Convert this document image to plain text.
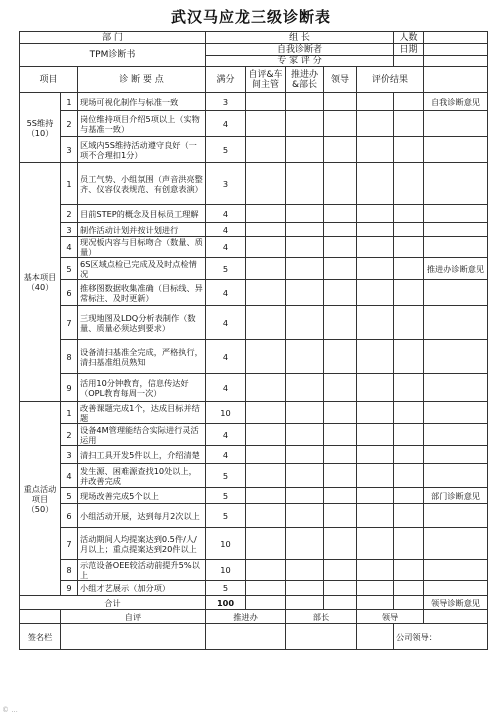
武汉马应龙三级诊断表
部 门			组 长					人数	
TPM诊断书			自我诊断者					日期	
			专 家 评 分						
项目		诊 断 要 点	满分	自评&车间主管	推进办&部长	领导	评价结果		
5S维持（10）	1	现场可视化制作与标准一致	3						自我诊断意见
	2	岗位维持项目介绍5项以上（实物与基准一致）	4						
	3	区域内5S维持活动遵守良好（一项不合理扣1分）	5						
基本项目（40）	1	员工气势、小组氛围（声音洪亮整齐、仪容仪表规范、有创意表演）	3						
	2	目前STEP的概念及目标员工理解	4						
	3	制作活动计划并按计划进行	4						
	4	现况板内容与目标吻合（数量、质量）	4						
	5	6S区域点检已完成及及时点检情况	5						推进办诊断意见
	6	推移图数据收集准确（目标线、异常标注、及时更新）	4						
	7	三现地图及LDQ分析表制作（数量、质量必须达到要求）	4						
	8	设备清扫基准全完成，严格执行，清扫基准组员熟知	4						
	9	活用10分钟教育，信息传达好（OPL教育每周一次）	4						
重点活动项目（50）	1	改善课题完成1个，达成目标并结题	10						
	2	设备4M管理能结合实际进行灵活运用	4						
	3	清扫工具开发5件以上，介绍清楚	4						
	4	发生源、困难源查找10处以上，并改善完成	5						
	5	现场改善完成5个以上	5						部门诊断意见
	6	小组活动开展，达到每月2次以上	5						
	7	活动期间人均提案达到0.5件/人/月以上；重点提案达到20件以上	10						
	8	示范设备OEE较活动前提升5%以上	10						
	9	小组才艺展示（加分项）	5						
合计			100						领导诊断意见
	自评		推进办		部长		领导		
签名栏								公司领导：	
© ...
